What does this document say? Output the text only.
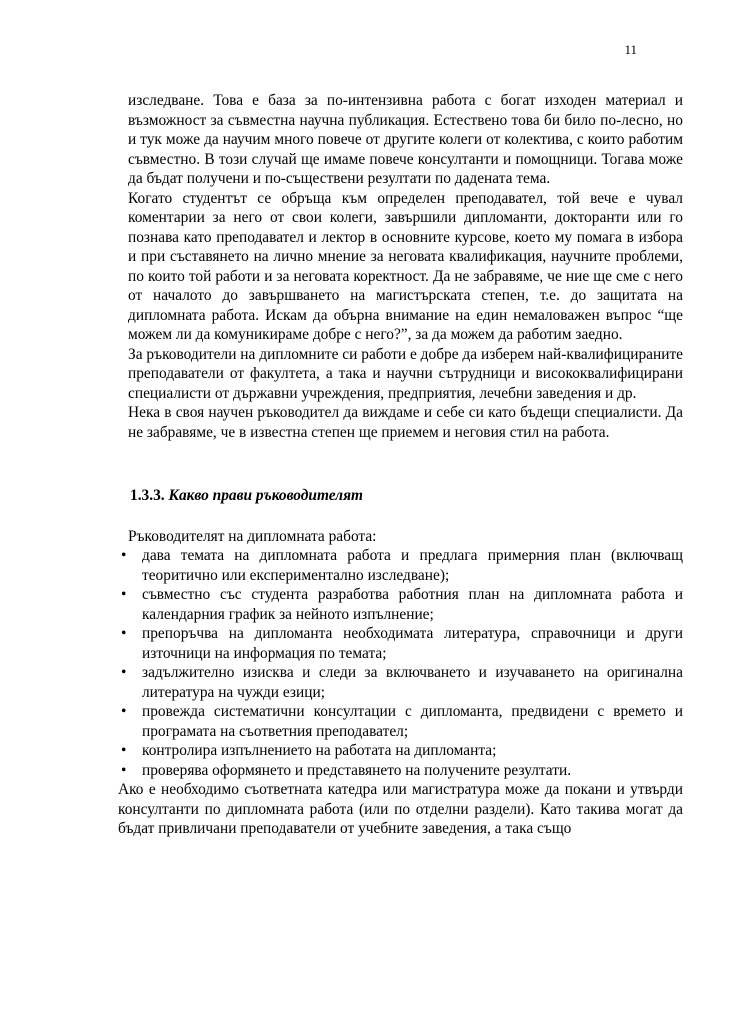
11

изследване. Това е база за по-интензивна работа с богат изходен материал и възможност за съвместна научна публикация. Естествено това би било по-лесно, но и тук може да научим много повече от другите колеги от колектива, с които работим съвместно. В този случай ще имаме повече консултанти и помощници. Тогава може да бъдат получени и по-съществени резултати по дадената тема.

Когато студентът се обръща към определен преподавател, той вече е чувал коментарии за него от свои колеги, завършили дипломанти, докторанти или го познава като преподавател и лектор в основните курсове, което му помага в избора и при съставянето на лично мнение за неговата квалификация, научните проблеми, по които той работи и за неговата коректност. Да не забравяме, че ние ще сме с него от началото до завършването на магистърската степен, т.е. до защитата на дипломната работа. Искам да обърна внимание на един немаловажен въпрос “ще можем ли да комуникираме добре с него?”, за да можем да работим заедно.

За ръководители на дипломните си работи е добре да изберем най-квалифицираните преподаватели от факултета, а така и научни сътрудници и висококвалифицирани специалисти от държавни учреждения, предприятия, лечебни заведения и др.

Нека в своя научен ръководител да виждаме и себе си като бъдещи специалисти. Да не забравяме, че в известна степен ще приемем и неговия стил на работа.

1.3.3. Какво прави ръководителят

Ръководителят на дипломната работа:

• дава темата на дипломната работа и предлага примерния план (включващ теоритично или експериментално изследване);
• съвместно със студента разработва работния план на дипломната работа и календарния график за нейното изпълнение;
• препоръчва на дипломанта необходимата литература, справочници и други източници на информация по темата;
• задължително изисква и следи за включването и изучаването на оригинална литература на чужди езици;
• провежда систематични консултации с дипломанта, предвидени с времето и програмата на съответния преподавател;
• контролира изпълнението на работата на дипломанта;
• проверява оформянето и представянето на получените резултати.

Ако е необходимо съответната катедра или магистратура може да покани и утвърди консултанти по дипломната работа (или по отделни раздели). Като такива могат да бъдат привличани преподаватели от учебните заведения, а така също
